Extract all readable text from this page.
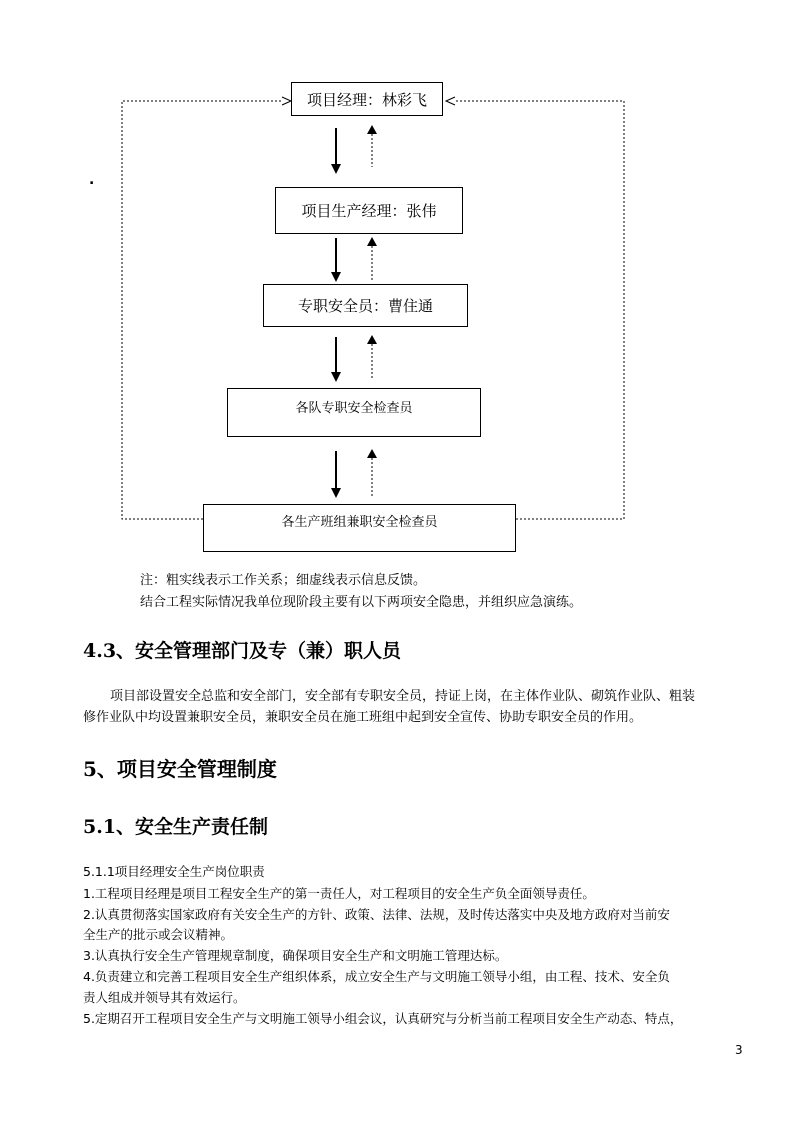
项目经理：林彩飞
项目生产经理：张伟
专职安全员：曹住通
各队专职安全检查员
各生产班组兼职安全检查员
.
注：粗实线表示工作关系；细虚线表示信息反馈。
结合工程实际情况我单位现阶段主要有以下两项安全隐患，并组织应急演练。
4.3、安全管理部门及专（兼）职人员
项目部设置安全总监和安全部门，安全部有专职安全员，持证上岗，在主体作业队、砌筑作业队、粗装
修作业队中均设置兼职安全员，兼职安全员在施工班组中起到安全宣传、协助专职安全员的作用。
5、项目安全管理制度
5.1、安全生产责任制
5.1.1项目经理安全生产岗位职责
1.工程项目经理是项目工程安全生产的第一责任人，对工程项目的安全生产负全面领导责任。
2.认真贯彻落实国家政府有关安全生产的方针、政策、法律、法规，及时传达落实中央及地方政府对当前安
全生产的批示或会议精神。
3.认真执行安全生产管理规章制度，确保项目安全生产和文明施工管理达标。
4.负责建立和完善工程项目安全生产组织体系，成立安全生产与文明施工领导小组，由工程、技术、安全负
责人组成并领导其有效运行。
5.定期召开工程项目安全生产与文明施工领导小组会议，认真研究与分析当前工程项目安全生产动态、特点，
3
